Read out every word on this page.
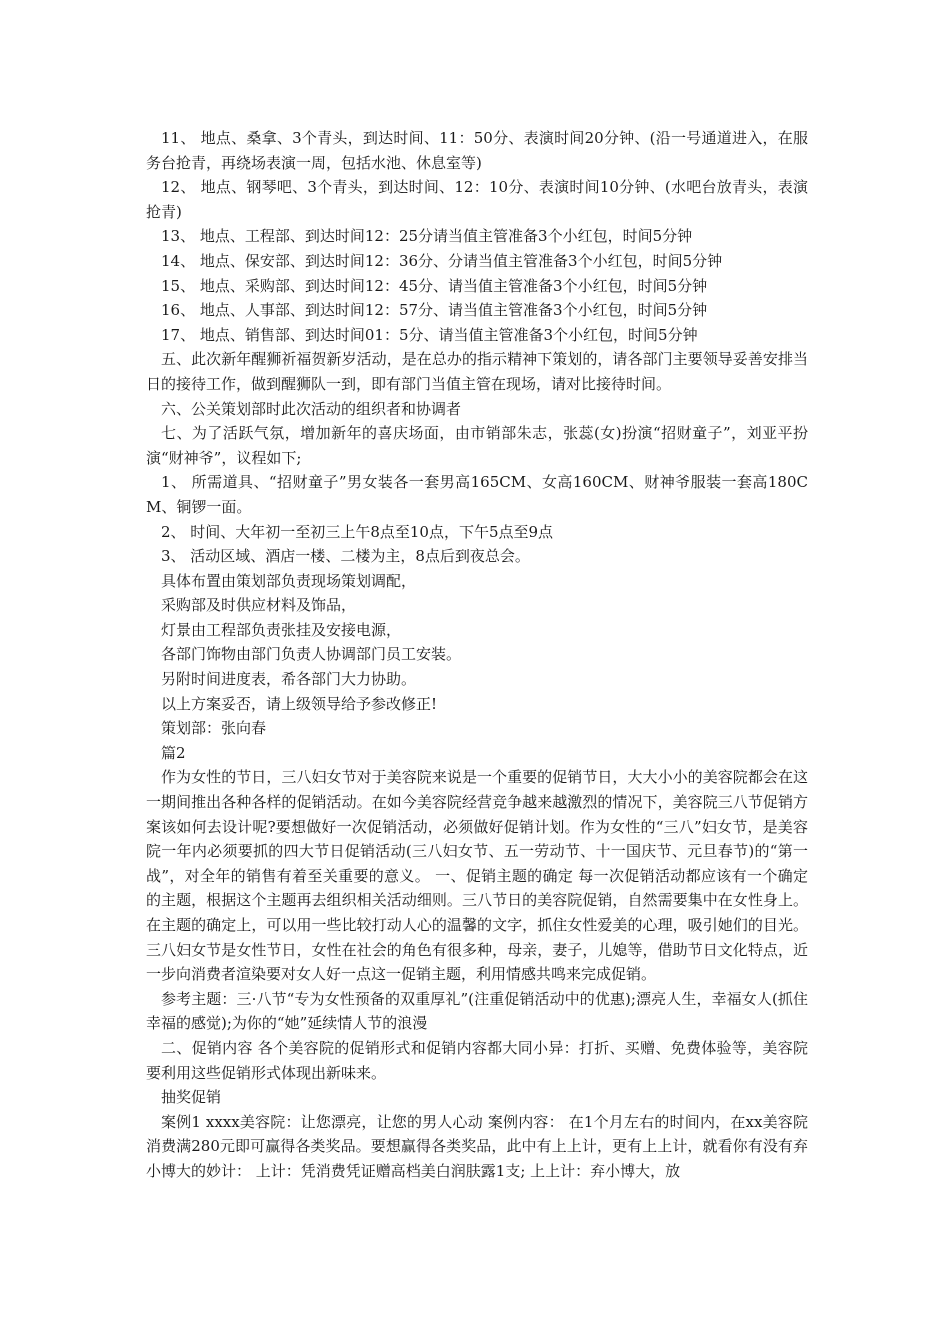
11、 地点、桑拿、3个青头，到达时间、11：50分、表演时间20分钟、(沿一号通道进入，在服务台抢青，再绕场表演一周，包括水池、休息室等)

12、 地点、钢琴吧、3个青头，到达时间、12：10分、表演时间10分钟、(水吧台放青头，表演抢青)

13、 地点、工程部、到达时间12：25分请当值主管准备3个小红包，时间5分钟

14、 地点、保安部、到达时间12：36分、分请当值主管准备3个小红包，时间5分钟

15、 地点、采购部、到达时间12：45分、请当值主管准备3个小红包，时间5分钟

16、 地点、人事部、到达时间12：57分、请当值主管准备3个小红包，时间5分钟

17、 地点、销售部、到达时间01：5分、请当值主管准备3个小红包，时间5分钟

五、此次新年醒狮祈福贺新岁活动，是在总办的指示精神下策划的，请各部门主要领导妥善安排当日的接待工作，做到醒狮队一到，即有部门当值主管在现场，请对比接待时间。

六、公关策划部时此次活动的组织者和协调者

七、为了活跃气氛，增加新年的喜庆场面，由市销部朱志，张蕊(女)扮演“招财童子”，刘亚平扮演“财神爷”，议程如下;

1、 所需道具、“招财童子”男女装各一套男高165CM、女高160CM、财神爷服装一套高180CM、铜锣一面。

2、 时间、大年初一至初三上午8点至10点，下午5点至9点

3、 活动区域、酒店一楼、二楼为主，8点后到夜总会。

具体布置由策划部负责现场策划调配，

采购部及时供应材料及饰品，

灯景由工程部负责张挂及安接电源，

各部门饰物由部门负责人协调部门员工安装。

另附时间进度表，希各部门大力协助。

以上方案妥否，请上级领导给予参改修正!

策划部：张向春

篇2

作为女性的节日，三八妇女节对于美容院来说是一个重要的促销节日，大大小小的美容院都会在这一期间推出各种各样的促销活动。在如今美容院经营竞争越来越激烈的情况下，美容院三八节促销方案该如何去设计呢?要想做好一次促销活动，必须做好促销计划。作为女性的“三八”妇女节，是美容院一年内必须要抓的四大节日促销活动(三八妇女节、五一劳动节、十一国庆节、元旦春节)的“第一战”，对全年的销售有着至关重要的意义。 一、促销主题的确定 每一次促销活动都应该有一个确定的主题，根据这个主题再去组织相关活动细则。三八节日的美容院促销，自然需要集中在女性身上。在主题的确定上，可以用一些比较打动人心的温馨的文字，抓住女性爱美的心理，吸引她们的目光。 三八妇女节是女性节日，女性在社会的角色有很多种，母亲，妻子，儿媳等，借助节日文化特点，近一步向消费者渲染要对女人好一点这一促销主题，利用情感共鸣来完成促销。

参考主题：三·八节“专为女性预备的双重厚礼”(注重促销活动中的优惠);漂亮人生，幸福女人(抓住幸福的感觉);为你的“她”延续情人节的浪漫

二、促销内容 各个美容院的促销形式和促销内容都大同小异：打折、买赠、免费体验等，美容院要利用这些促销形式体现出新味来。

抽奖促销

案例1 xxxx美容院：让您漂亮，让您的男人心动 案例内容： 在1个月左右的时间内，在xx美容院消费满280元即可赢得各类奖品。要想赢得各类奖品，此中有上上计，更有上上计，就看你有没有弃小博大的妙计： 上计：凭消费凭证赠高档美白润肤露1支; 上上计：弃小博大，放
